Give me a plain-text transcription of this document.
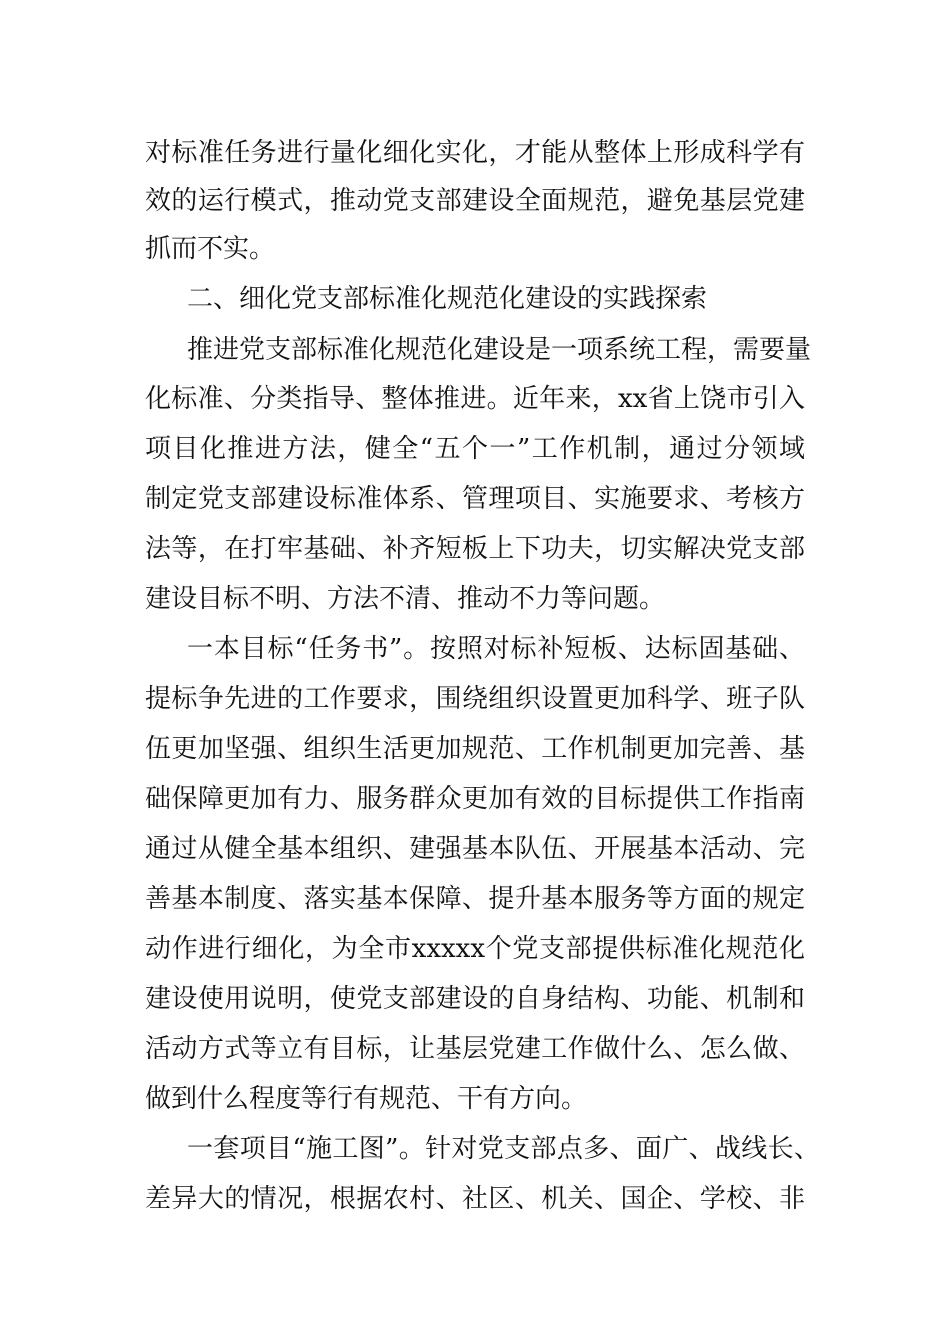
对标准任务进行量化细化实化，才能从整体上形成科学有
效的运行模式，推动党支部建设全面规范，避免基层党建
抓而不实。
二、细化党支部标准化规范化建设的实践探索
推进党支部标准化规范化建设是一项系统工程，需要量
化标准、分类指导、整体推进。近年来，xx省上饶市引入
项目化推进方法，健全“五个一”工作机制，通过分领域
制定党支部建设标准体系、管理项目、实施要求、考核方
法等，在打牢基础、补齐短板上下功夫，切实解决党支部
建设目标不明、方法不清、推动不力等问题。
一本目标“任务书”。按照对标补短板、达标固基础、
提标争先进的工作要求，围绕组织设置更加科学、班子队
伍更加坚强、组织生活更加规范、工作机制更加完善、基
础保障更加有力、服务群众更加有效的目标提供工作指南
通过从健全基本组织、建强基本队伍、开展基本活动、完
善基本制度、落实基本保障、提升基本服务等方面的规定
动作进行细化，为全市xxxxx个党支部提供标准化规范化
建设使用说明，使党支部建设的自身结构、功能、机制和
活动方式等立有目标，让基层党建工作做什么、怎么做、
做到什么程度等行有规范、干有方向。
一套项目“施工图”。针对党支部点多、面广、战线长、
差异大的情况，根据农村、社区、机关、国企、学校、非
